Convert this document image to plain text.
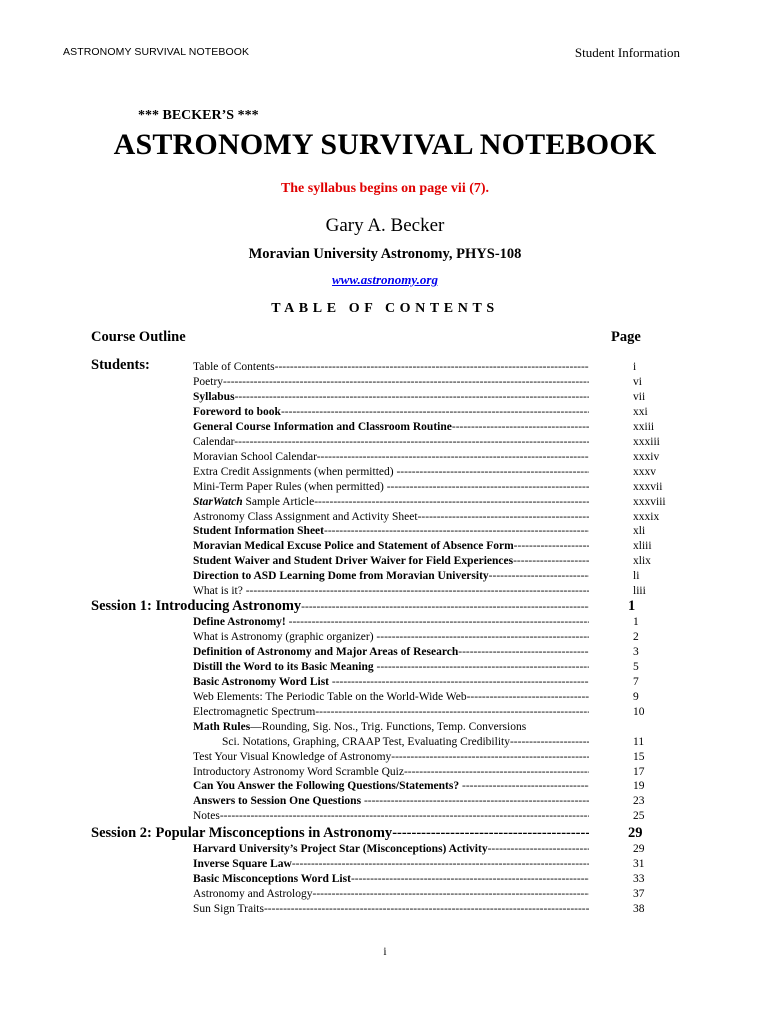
ASTRONOMY SURVIVAL NOTEBOOK	Student Information
*** BECKER’S ***
ASTRONOMY SURVIVAL NOTEBOOK
The syllabus begins on page vii (7).
Gary A. Becker
Moravian University Astronomy, PHYS-108
www.astronomy.org
TABLE OF CONTENTS
Course Outline	Page
Students:
i
Table of Contents -----	i
Poetry -----	vi
Syllabus -----	vii
Foreword to book -----	xxi
General Course Information and Classroom Routine -----	xxiii
Calendar -----	xxxiii
Moravian School Calendar -----	xxxiv
Extra Credit Assignments (when permitted) -----	xxxv
Mini-Term Paper Rules (when permitted) -----	xxxvii
StarWatch Sample Article -----	xxxviii
Astronomy Class Assignment and Activity Sheet -----	xxxix
Student Information Sheet -----	xli
Moravian Medical Excuse Police and Statement of Absence Form -----	xliii
Student Waiver and Student Driver Waiver for Field Experiences -----	xlix
Direction to ASD Learning Dome from Moravian University -----	li
What is it? -----	liii
Session 1: Introducing Astronomy -----	1
Define Astronomy! -----	1
What is Astronomy (graphic organizer) -----	2
Definition of Astronomy and Major Areas of Research -----	3
Distill the Word to its Basic Meaning -----	5
Basic Astronomy Word List -----	7
Web Elements: The Periodic Table on the World-Wide Web -----	9
Electromagnetic Spectrum -----	10
Math Rules—Rounding, Sig. Nos., Trig. Functions, Temp. Conversions
Sci. Notations, Graphing, CRAAP Test, Evaluating Credibility -----	11
Test Your Visual Knowledge of Astronomy -----	15
Introductory Astronomy Word Scramble Quiz -----	17
Can You Answer the Following Questions/Statements? -----	19
Answers to Session One Questions -----	23
Notes -----	25
Session 2: Popular Misconceptions in Astronomy -----	29
Harvard University’s Project Star (Misconceptions) Activity -----	29
Inverse Square Law -----	31
Basic Misconceptions Word List -----	33
Astronomy and Astrology -----	37
Sun Sign Traits -----	38
